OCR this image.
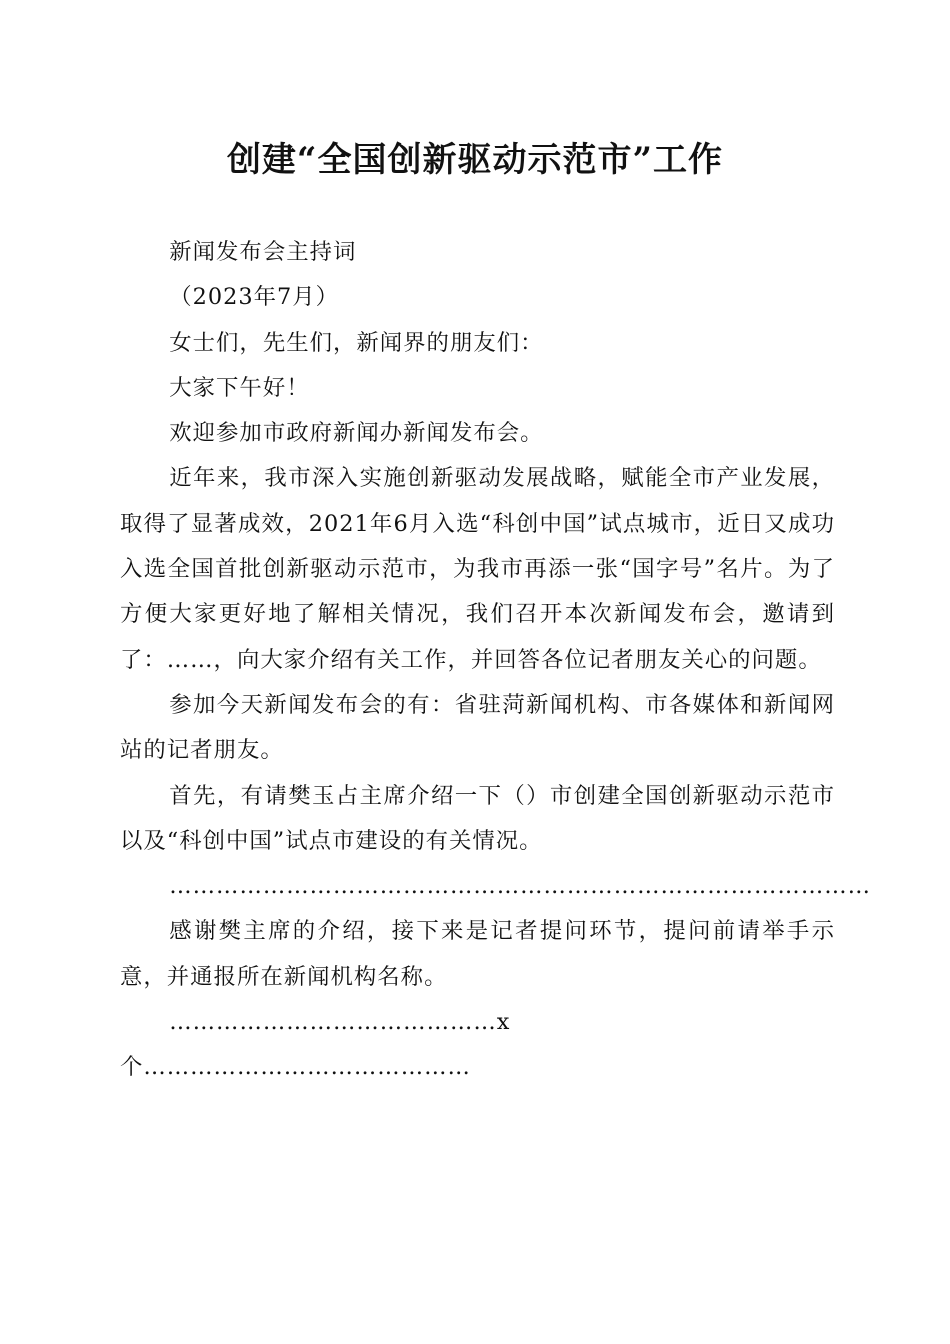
创建“全国创新驱动示范市”工作

新闻发布会主持词

（2023年7月）

女士们，先生们，新闻界的朋友们：

大家下午好！

欢迎参加市政府新闻办新闻发布会。

近年来，我市深入实施创新驱动发展战略，赋能全市产业发展，取得了显著成效，2021年6月入选“科创中国”试点城市，近日又成功入选全国首批创新驱动示范市，为我市再添一张“国字号”名片。为了方便大家更好地了解相关情况，我们召开本次新闻发布会，邀请到了：……，向大家介绍有关工作，并回答各位记者朋友关心的问题。

参加今天新闻发布会的有：省驻菏新闻机构、市各媒体和新闻网站的记者朋友。

首先，有请樊玉占主席介绍一下（）市创建全国创新驱动示范市以及“科创中国”试点市建设的有关情况。

………………………………………………………………………………

感谢樊主席的介绍，接下来是记者提问环节，提问前请举手示意，并通报所在新闻机构名称。

……………………………………x

个……………………………………
